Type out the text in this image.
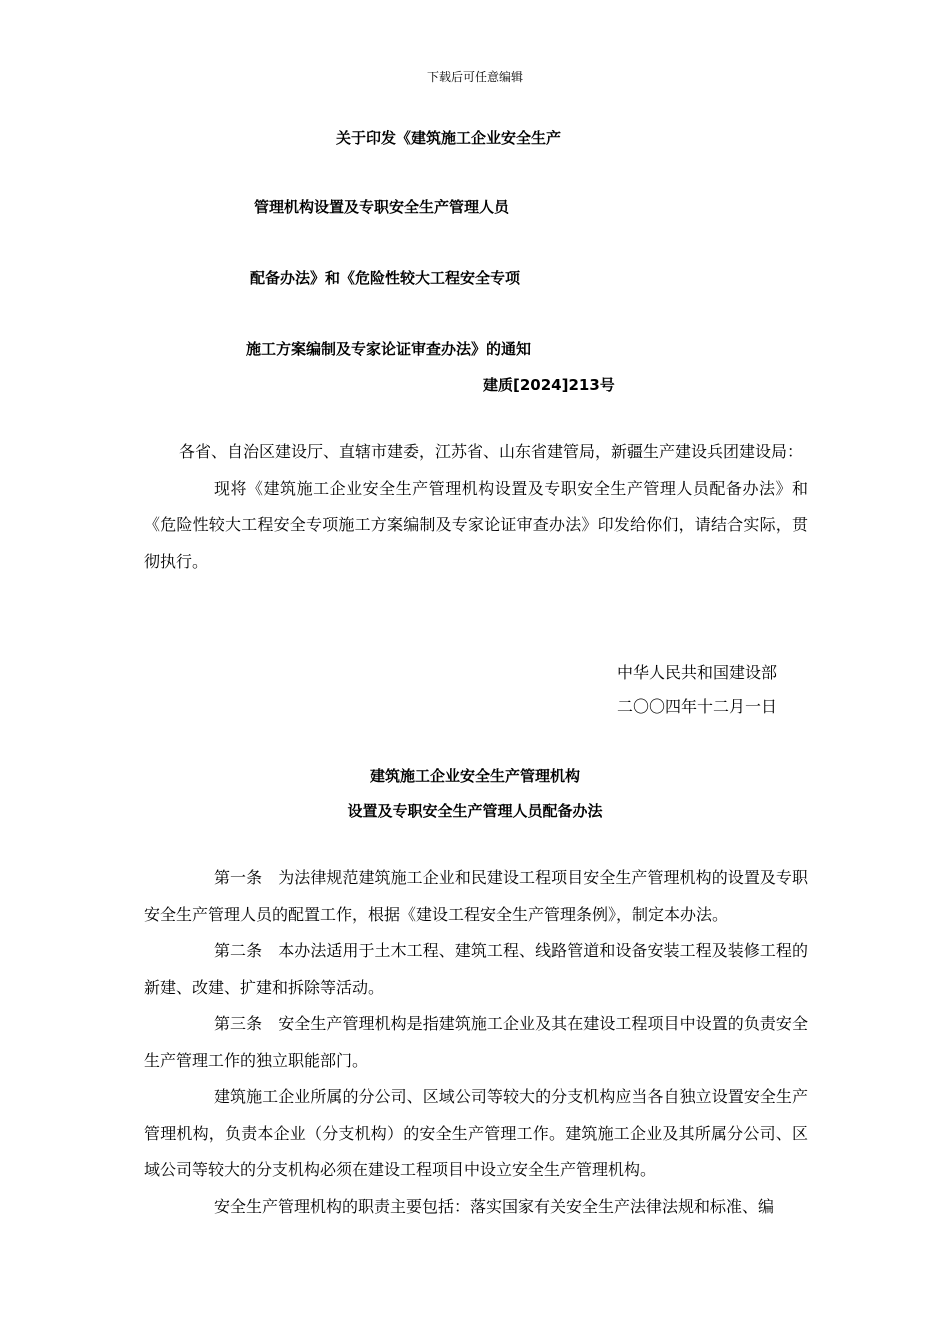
下载后可任意编辑
关于印发《建筑施工企业安全生产
管理机构设置及专职安全生产管理人员
配备办法》和《危险性较大工程安全专项
施工方案编制及专家论证审查办法》的通知
建质[2024]213号

各省、自治区建设厅、直辖市建委，江苏省、山东省建管局，新疆生产建设兵团建设局：

现将《建筑施工企业安全生产管理机构设置及专职安全生产管理人员配备办法》和《危险性较大工程安全专项施工方案编制及专家论证审查办法》印发给你们，请结合实际，贯彻执行。

中华人民共和国建设部
二〇〇四年十二月一日
建筑施工企业安全生产管理机构
设置及专职安全生产管理人员配备办法

第一条　为法律规范建筑施工企业和民建设工程项目安全生产管理机构的设置及专职安全生产管理人员的配置工作，根据《建设工程安全生产管理条例》，制定本办法。

第二条　本办法适用于土木工程、建筑工程、线路管道和设备安装工程及装修工程的新建、改建、扩建和拆除等活动。

第三条　安全生产管理机构是指建筑施工企业及其在建设工程项目中设置的负责安全生产管理工作的独立职能部门。

建筑施工企业所属的分公司、区域公司等较大的分支机构应当各自独立设置安全生产管理机构，负责本企业（分支机构）的安全生产管理工作。建筑施工企业及其所属分公司、区域公司等较大的分支机构必须在建设工程项目中设立安全生产管理机构。

安全生产管理机构的职责主要包括：落实国家有关安全生产法律法规和标准、编
